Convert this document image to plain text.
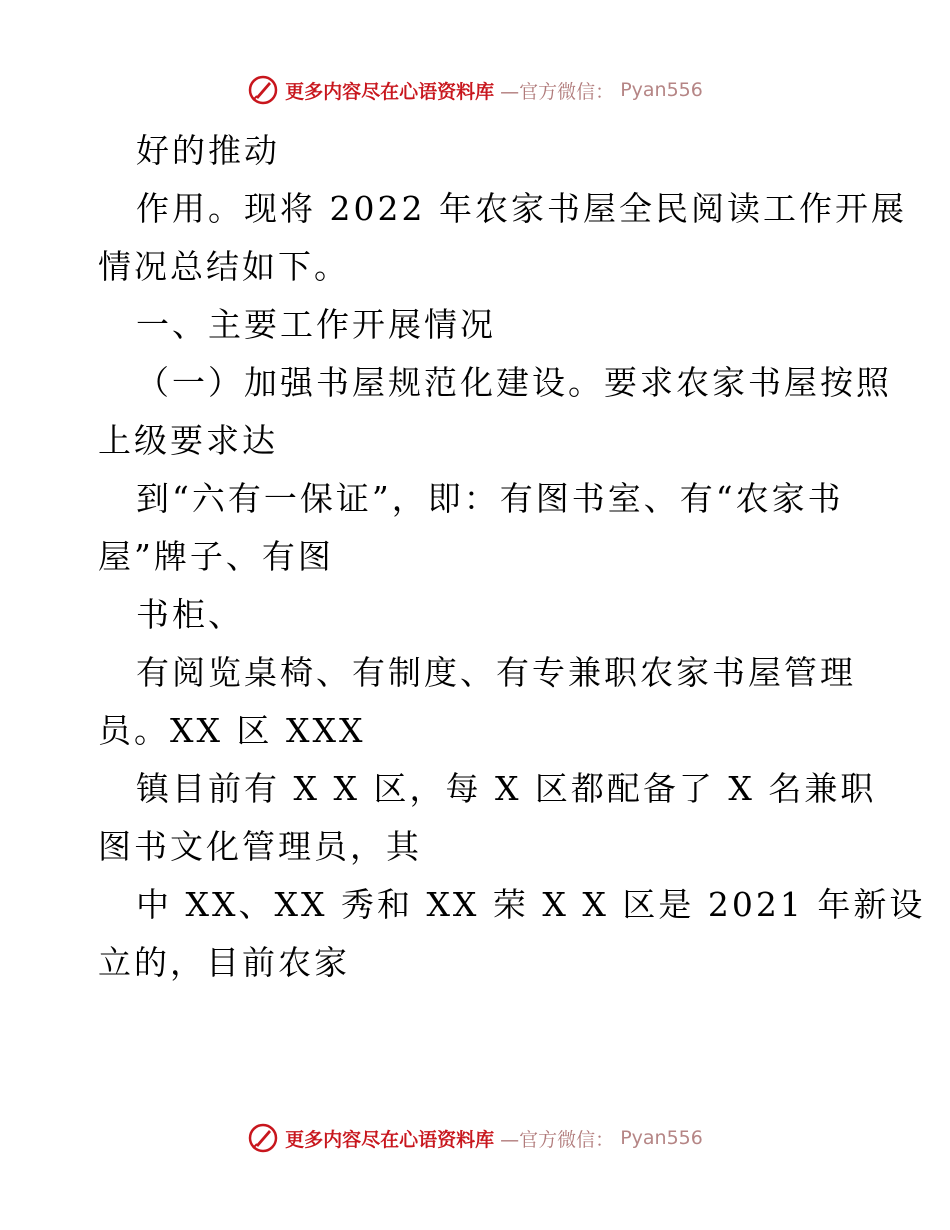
更多内容尽在心语资料库 —官方微信： Pyan556
好的推动
作用。现将 2022 年农家书屋全民阅读工作开展
情况总结如下。
一、主要工作开展情况
（一）加强书屋规范化建设。要求农家书屋按照
上级要求达
到“六有一保证”，即：有图书室、有“农家书
屋”牌子、有图
书柜、
有阅览桌椅、有制度、有专兼职农家书屋管理
员。XX 区 XXX
镇目前有 X X 区，每 X 区都配备了 X 名兼职
图书文化管理员，其
中 XX、XX 秀和 XX 荣 X X 区是 2021 年新设
立的，目前农家
更多内容尽在心语资料库 —官方微信： Pyan556
